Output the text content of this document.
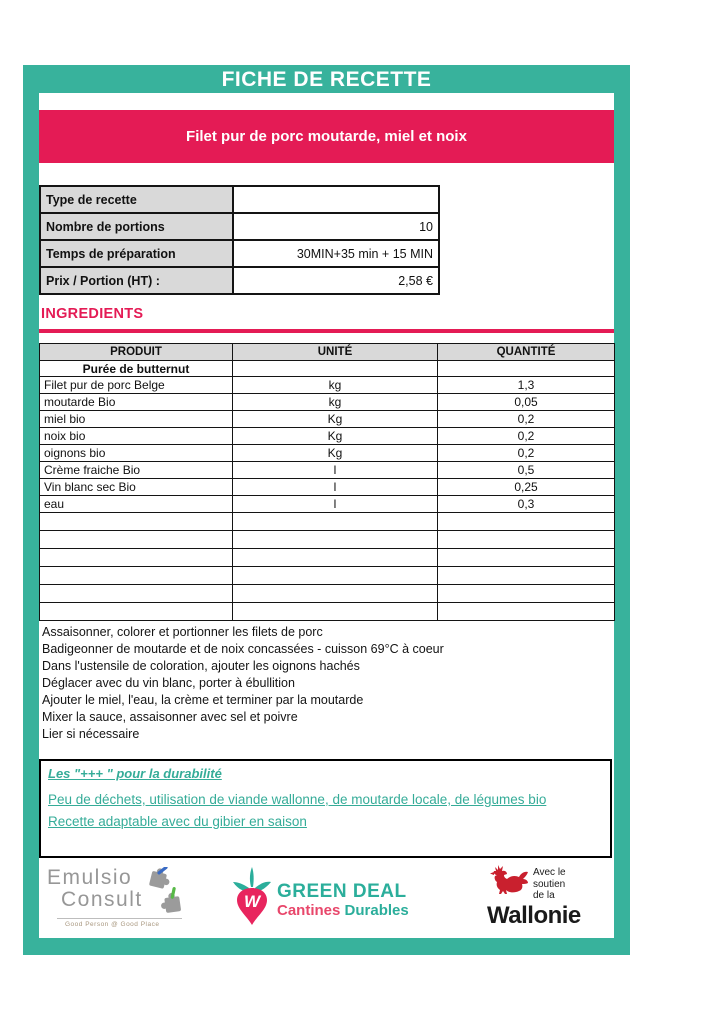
FICHE DE RECETTE
Filet pur de porc moutarde, miel et noix
Type de recette	
Nombre de portions	10
Temps de préparation	30MIN+35 min + 15 MIN
Prix / Portion (HT) :	2,58 €
INGREDIENTS
PRODUIT	UNITÉ	QUANTITÉ
Purée de butternut		
Filet pur de porc Belge	kg	1,3
moutarde Bio	kg	0,05
miel bio	Kg	0,2
noix bio	Kg	0,2
oignons bio	Kg	0,2
Crème fraiche Bio	l	0,5
Vin blanc sec Bio	l	0,25
eau	l	0,3

Assaisonner, colorer et portionner les filets de porc
Badigeonner de moutarde et de noix concassées - cuisson 69°C à coeur
Dans l'ustensile de coloration, ajouter les oignons hachés
Déglacer avec du vin blanc, porter à ébullition
Ajouter le miel, l'eau, la crème et terminer par la moutarde
Mixer la sauce, assaisonner avec sel et poivre
Lier si nécessaire
Les "+++ " pour la durabilité
Peu de déchets, utilisation de viande wallonne, de moutarde locale, de légumes bio
Recette adaptable avec du gibier en saison
Emulsio
Consult
Good Person @ Good Place
W GREEN DEAL
Cantines Durables
Avec le
soutien
de la
Wallonie
